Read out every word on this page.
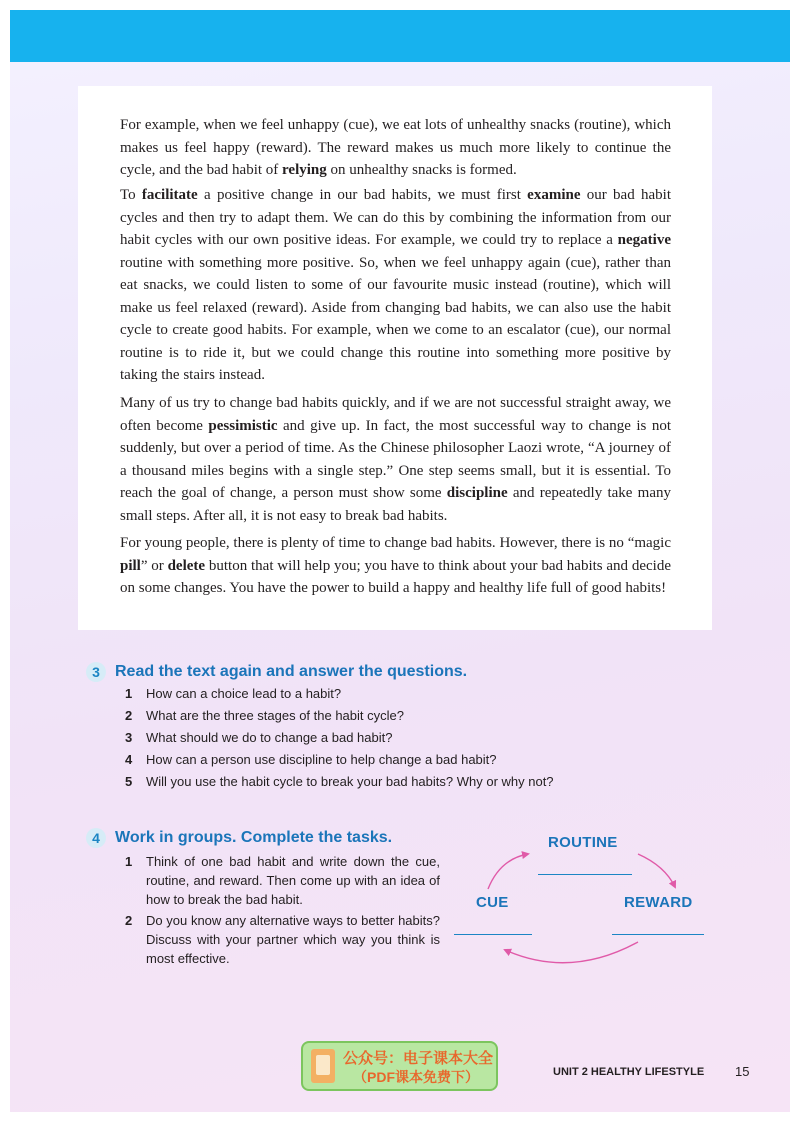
For example, when we feel unhappy (cue), we eat lots of unhealthy snacks (routine), which makes us feel happy (reward). The reward makes us much more likely to continue the cycle, and the bad habit of relying on unhealthy snacks is formed.

To facilitate a positive change in our bad habits, we must first examine our bad habit cycles and then try to adapt them. We can do this by combining the information from our habit cycles with our own positive ideas. For example, we could try to replace a negative routine with something more positive. So, when we feel unhappy again (cue), rather than eat snacks, we could listen to some of our favourite music instead (routine), which will make us feel relaxed (reward). Aside from changing bad habits, we can also use the habit cycle to create good habits. For example, when we come to an escalator (cue), our normal routine is to ride it, but we could change this routine into something more positive by taking the stairs instead.

Many of us try to change bad habits quickly, and if we are not successful straight away, we often become pessimistic and give up. In fact, the most successful way to change is not suddenly, but over a period of time. As the Chinese philosopher Laozi wrote, “A journey of a thousand miles begins with a single step.” One step seems small, but it is essential. To reach the goal of change, a person must show some discipline and repeatedly take many small steps. After all, it is not easy to break bad habits.

For young people, there is plenty of time to change bad habits. However, there is no “magic pill” or delete button that will help you; you have to think about your bad habits and decide on some changes. You have the power to build a happy and healthy life full of good habits!

3 Read the text again and answer the questions.
1	How can a choice lead to a habit?
2	What are the three stages of the habit cycle?
3	What should we do to change a bad habit?
4	How can a person use discipline to help change a bad habit?
5	Will you use the habit cycle to break your bad habits? Why or why not?
4 Work in groups. Complete the tasks.
1	Think of one bad habit and write down the cue, routine, and reward. Then come up with an idea of how to break the bad habit.
2	Do you know any alternative ways to better habits? Discuss with your partner which way you think is most effective.
ROUTINE
CUE	REWARD
公众号：电子课本大全
（PDF课本免费下）	UNIT 2 HEALTHY LIFESTYLE 15
